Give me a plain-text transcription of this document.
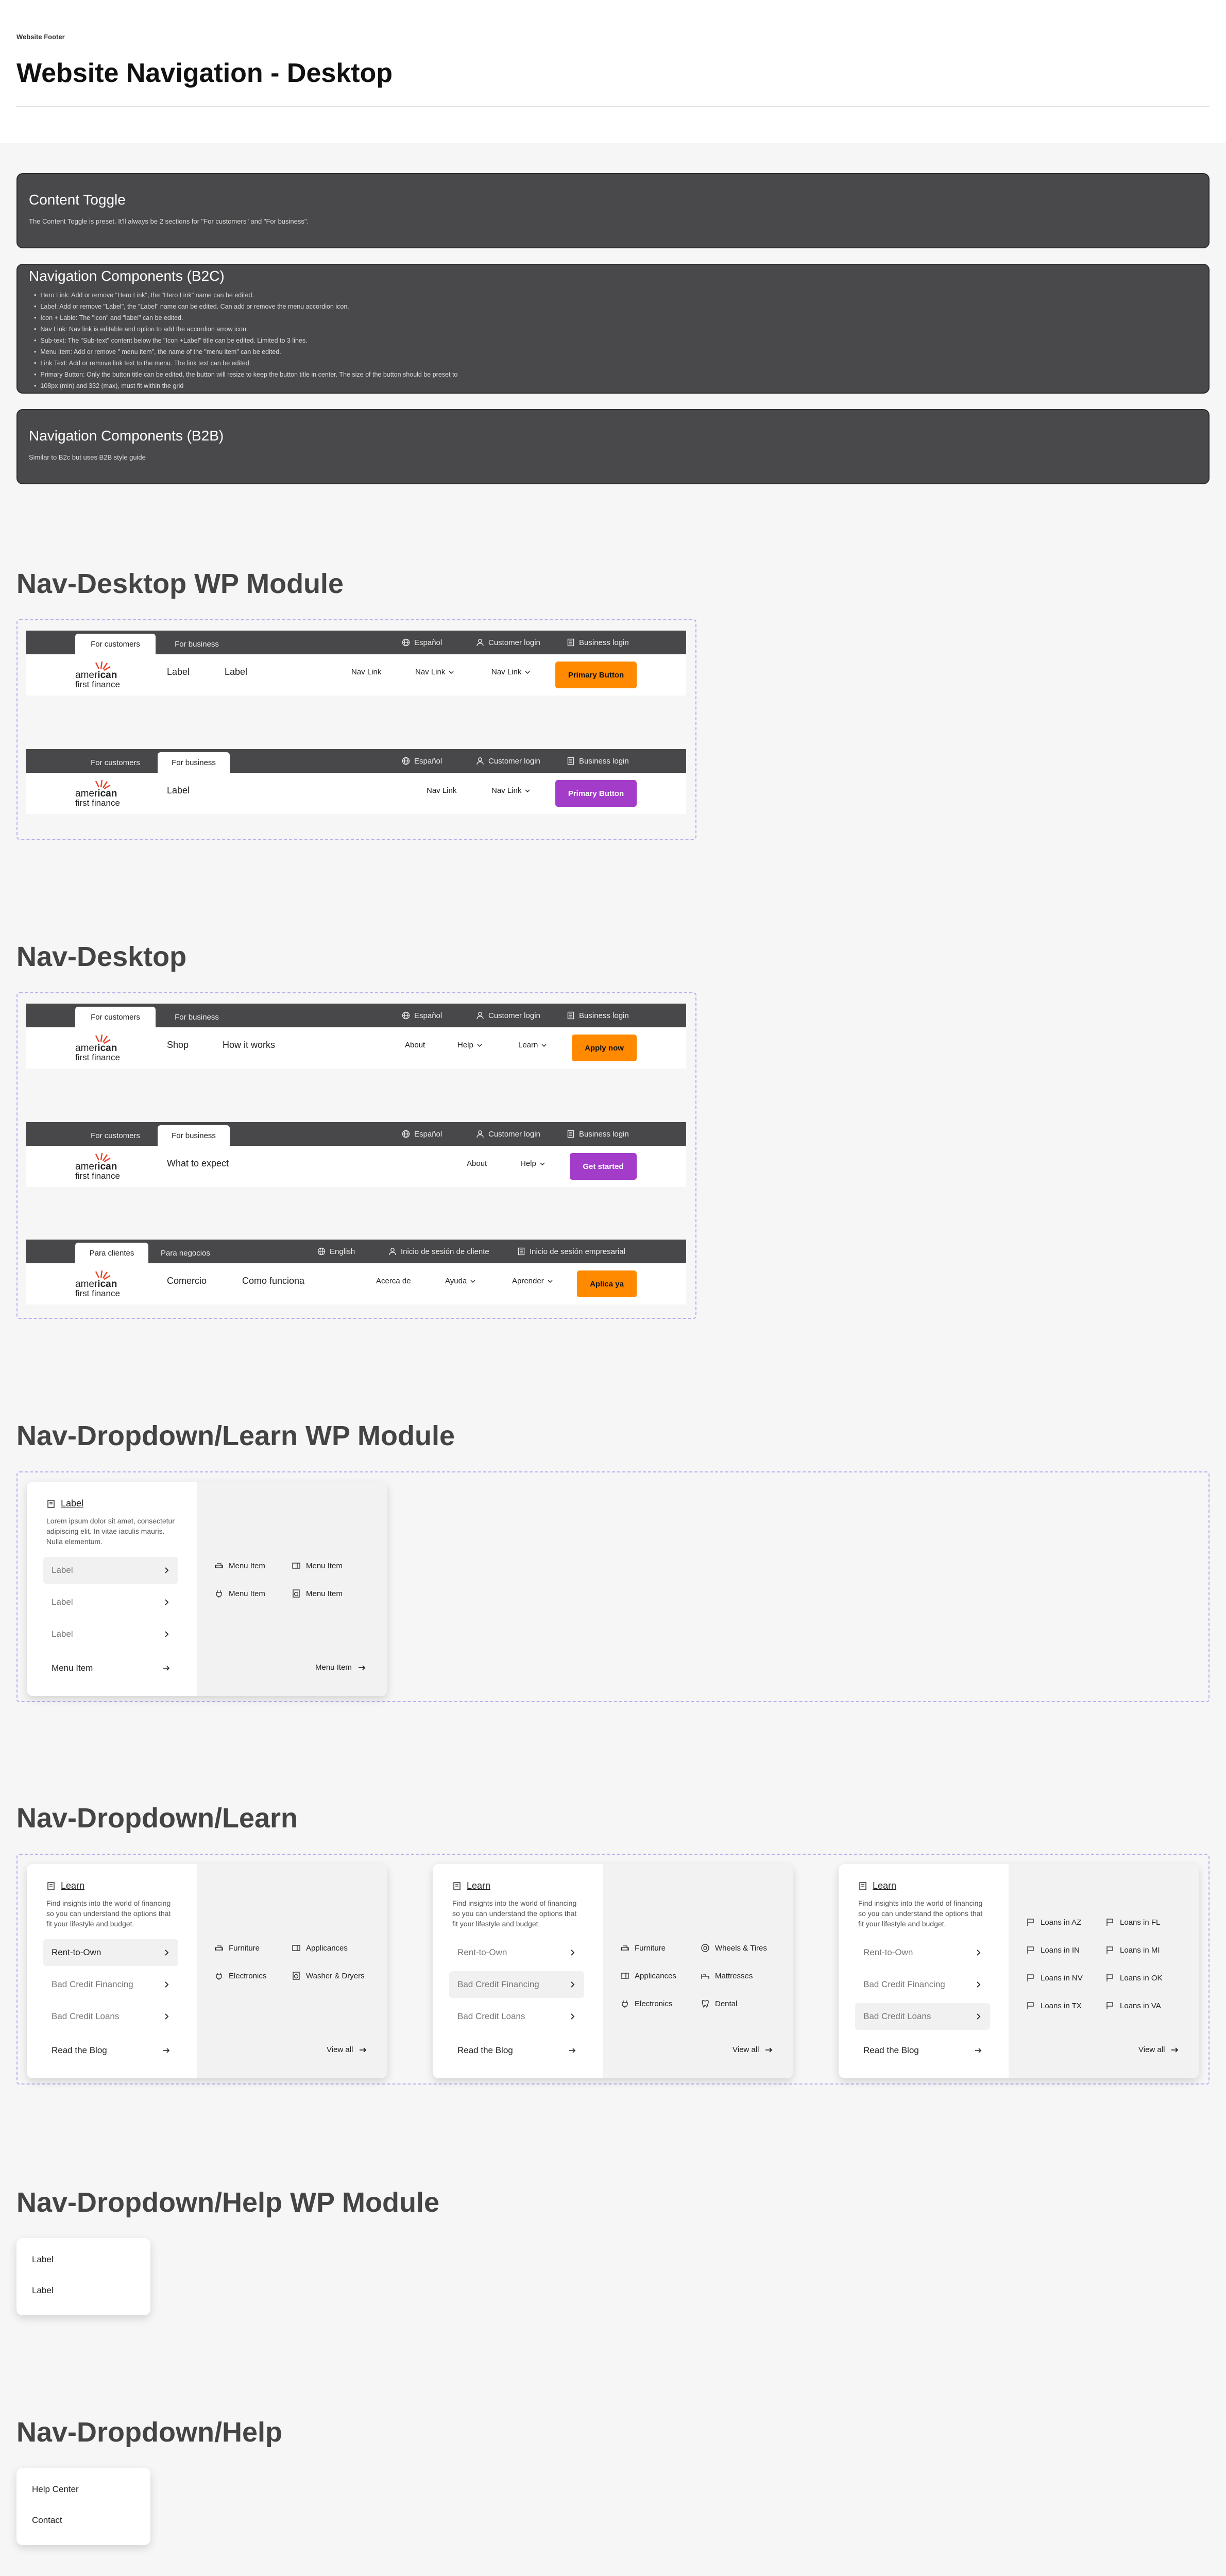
Website Footer
Website Navigation - Desktop
Content Toggle

The Content Toggle is preset. It'll always be 2 sections for "For customers" and "For business".

Navigation Components (B2C)
• Hero Link: Add or remove "Hero Link", the "Hero Link" name can be edited.
• Label: Add or remove "Label", the "Label" name can be edited. Can add or remove the menu accordion icon.
• Icon + Lable: The "icon" and "label" can be edited.
• Nav Link: Nav link is editable and option to add the accordion arrow icon.
• Sub-text: The "Sub-text" content below the "Icon +Label" title can be edited. Limited to 3 lines.
• Menu item: Add or remove " menu item", the name of the "menu item" can be edited.
• Link Text: Add or remove link text to the menu. The link text can be edited.
• Primary Button: Only the button title can be edited, the button will resize to keep the button title in center. The size of the button should be preset to
• 108px (min) and 332 (max), must fit within the grid
Navigation Components (B2B)

Similar to B2c but uses B2B style guide

Nav-Desktop WP Module
For customers	For business	Español	Customer login	Business login
american
first finance
Label	Label	Nav Link	Nav Link	Nav Link	Primary Button
For customers	For business	Español	Customer login	Business login
american
first finance
Label	Nav Link	Nav Link	Primary Button
Nav-Desktop
For customers	For business	Español	Customer login	Business login
american
first finance
Shop	How it works	About	Help	Learn	Apply now
For customers	For business	Español	Customer login	Business login
american
first finance
What to expect	About	Help	Get started
Para clientes	Para negocios	English	Inicio de sesión de cliente	Inicio de sesión empresarial
american
first finance
Comercio	Como funciona	Acerca de	Ayuda	Aprender	Aplica ya
Nav-Dropdown/Learn WP Module
Label
Lorem ipsum dolor sit amet, consectetur adipiscing elit. In vitae iaculis mauris. Nulla elementum.
Label
Label
Label
Menu Item
Menu Item	Menu Item
Menu Item	Menu Item
Menu Item
Nav-Dropdown/Learn
Learn
Find insights into the world of financing so you can understand the options that fit your lifestyle and budget.
Rent-to-Own
Bad Credit Financing
Bad Credit Loans
Read the Blog
Furniture	Applicances
Electronics	Washer & Dryers
View all
Learn
Find insights into the world of financing so you can understand the options that fit your lifestyle and budget.
Rent-to-Own
Bad Credit Financing
Bad Credit Loans
Read the Blog
Furniture	Wheels & Tires
Applicances	Mattresses
Electronics	Dental
View all
Learn
Find insights into the world of financing so you can understand the options that fit your lifestyle and budget.
Rent-to-Own
Bad Credit Financing
Bad Credit Loans
Read the Blog
Loans in AZ	Loans in FL
Loans in IN	Loans in MI
Loans in NV	Loans in OK
Loans in TX	Loans in VA
View all
Nav-Dropdown/Help WP Module
Label
Label
Nav-Dropdown/Help
Help Center
Contact
